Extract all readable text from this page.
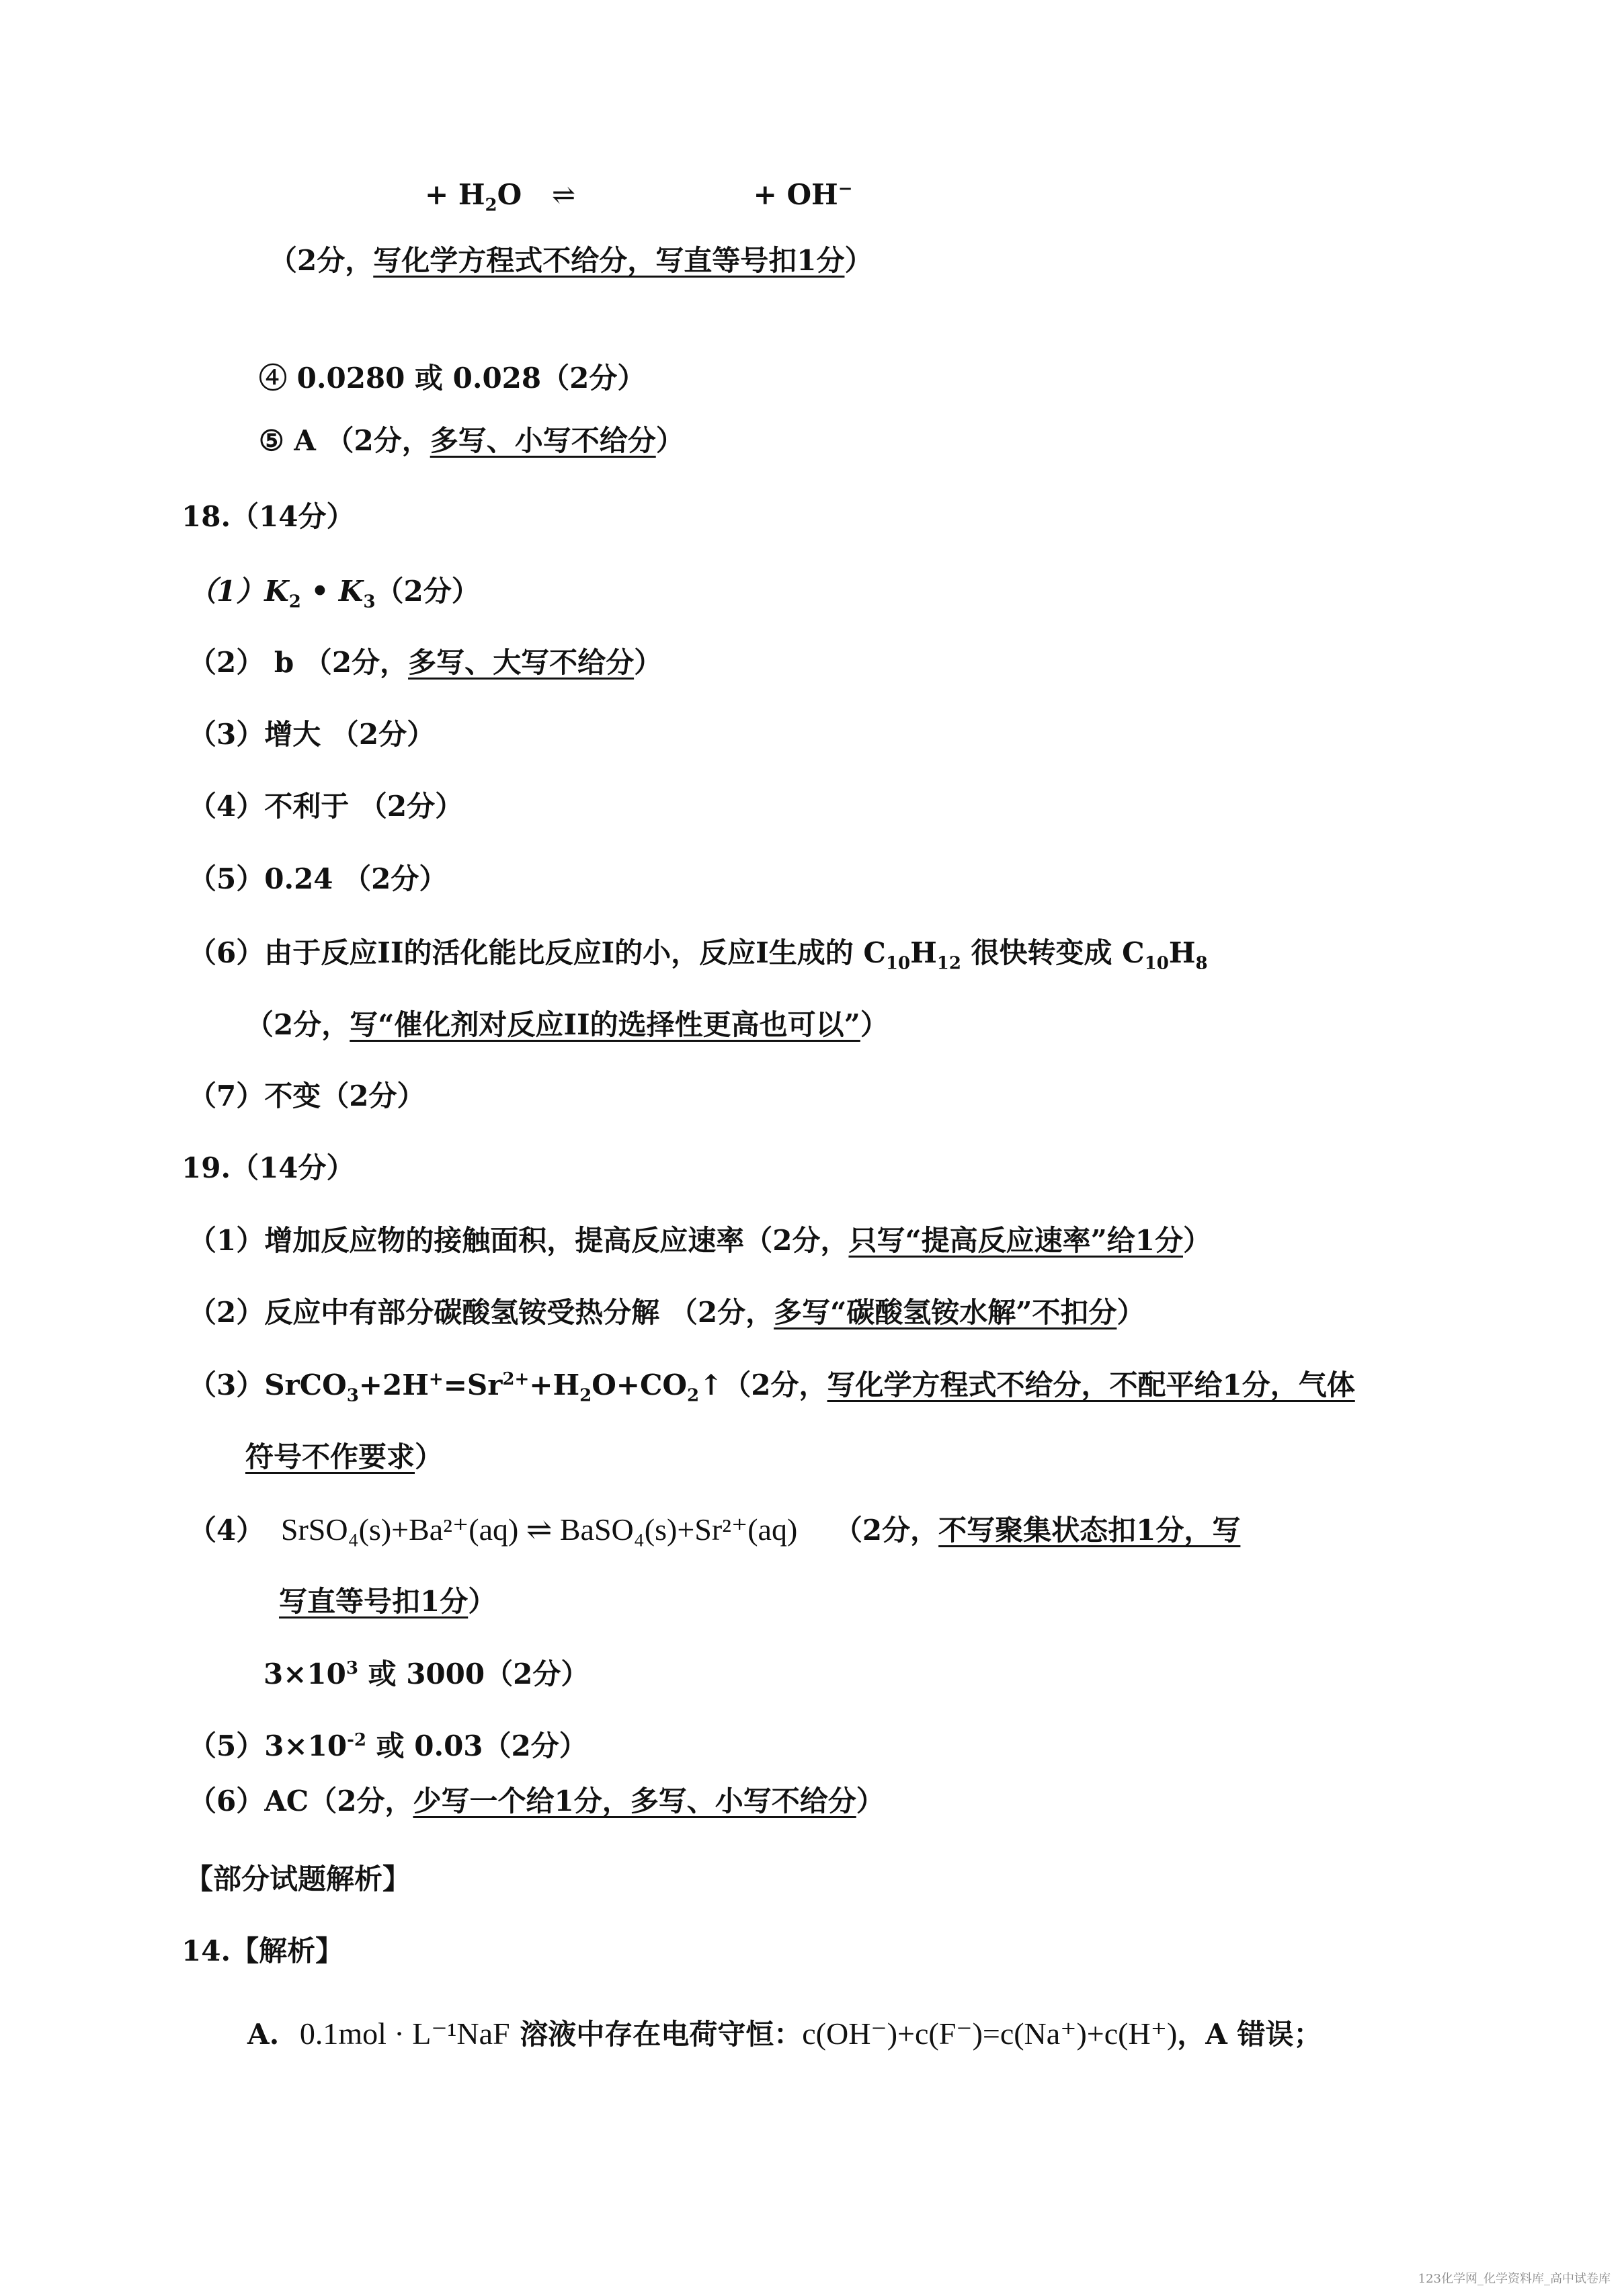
+ $H_2O$ ⇌	+ OH−
（2分，写化学方程式不给分，写直等号扣1分）
④ 0.0280 或 0.028（2分）
⑤ A （2分，多写、小写不给分）
18.（14分）
$(1)K_2$ • $K_3(2$分）
（2） b （2分，多写、大写不给分）
（3）增大 （2分）
（4）不利于 （2分）
（5）0.24 （2分）
（6）由于反应II的活化能比反应I的小，反应I生成的 $C_{10}H_{12}$ 很快转变成 $C_{10}H_8$
（2分，写“催化剂对反应II的选择性更高也可以”）
（7）不变（2分）
19.（14分）
（1）增加反应物的接触面积，提高反应速率（2分，只写“提高反应速率”给1分）
（2）反应中有部分碳酸氢铵受热分解 （2分，多写“碳酸氢铵水解”不扣分）
$(3)SrCO_3+2H^+=Sr^{2+}+H_2O+CO_2↑(2$分，写化学方程式不给分，不配平给1分，气体
符号不作要求）
（4） SrSO₄(s)+Ba²⁺(aq) ⇌ BaSO₄(s)+Sr²⁺(aq) （2分，不写聚集状态扣1分，写
写直等号扣1分）
$3\times 10^3$ 或 3000（2分）
$(5)3\times 10^{-2}$ 或 0.03（2分）
（6）AC（2分，少写一个给1分，多写、小写不给分）
【部分试题解析】
14.【解析】
A. 0.1mol · L⁻¹NaF 溶液中存在电荷守恒：c(OH⁻)+c(F⁻)=c(Na⁺)+c(H⁺)，A 错误；
123化学网_化学资料库_高中试卷库
